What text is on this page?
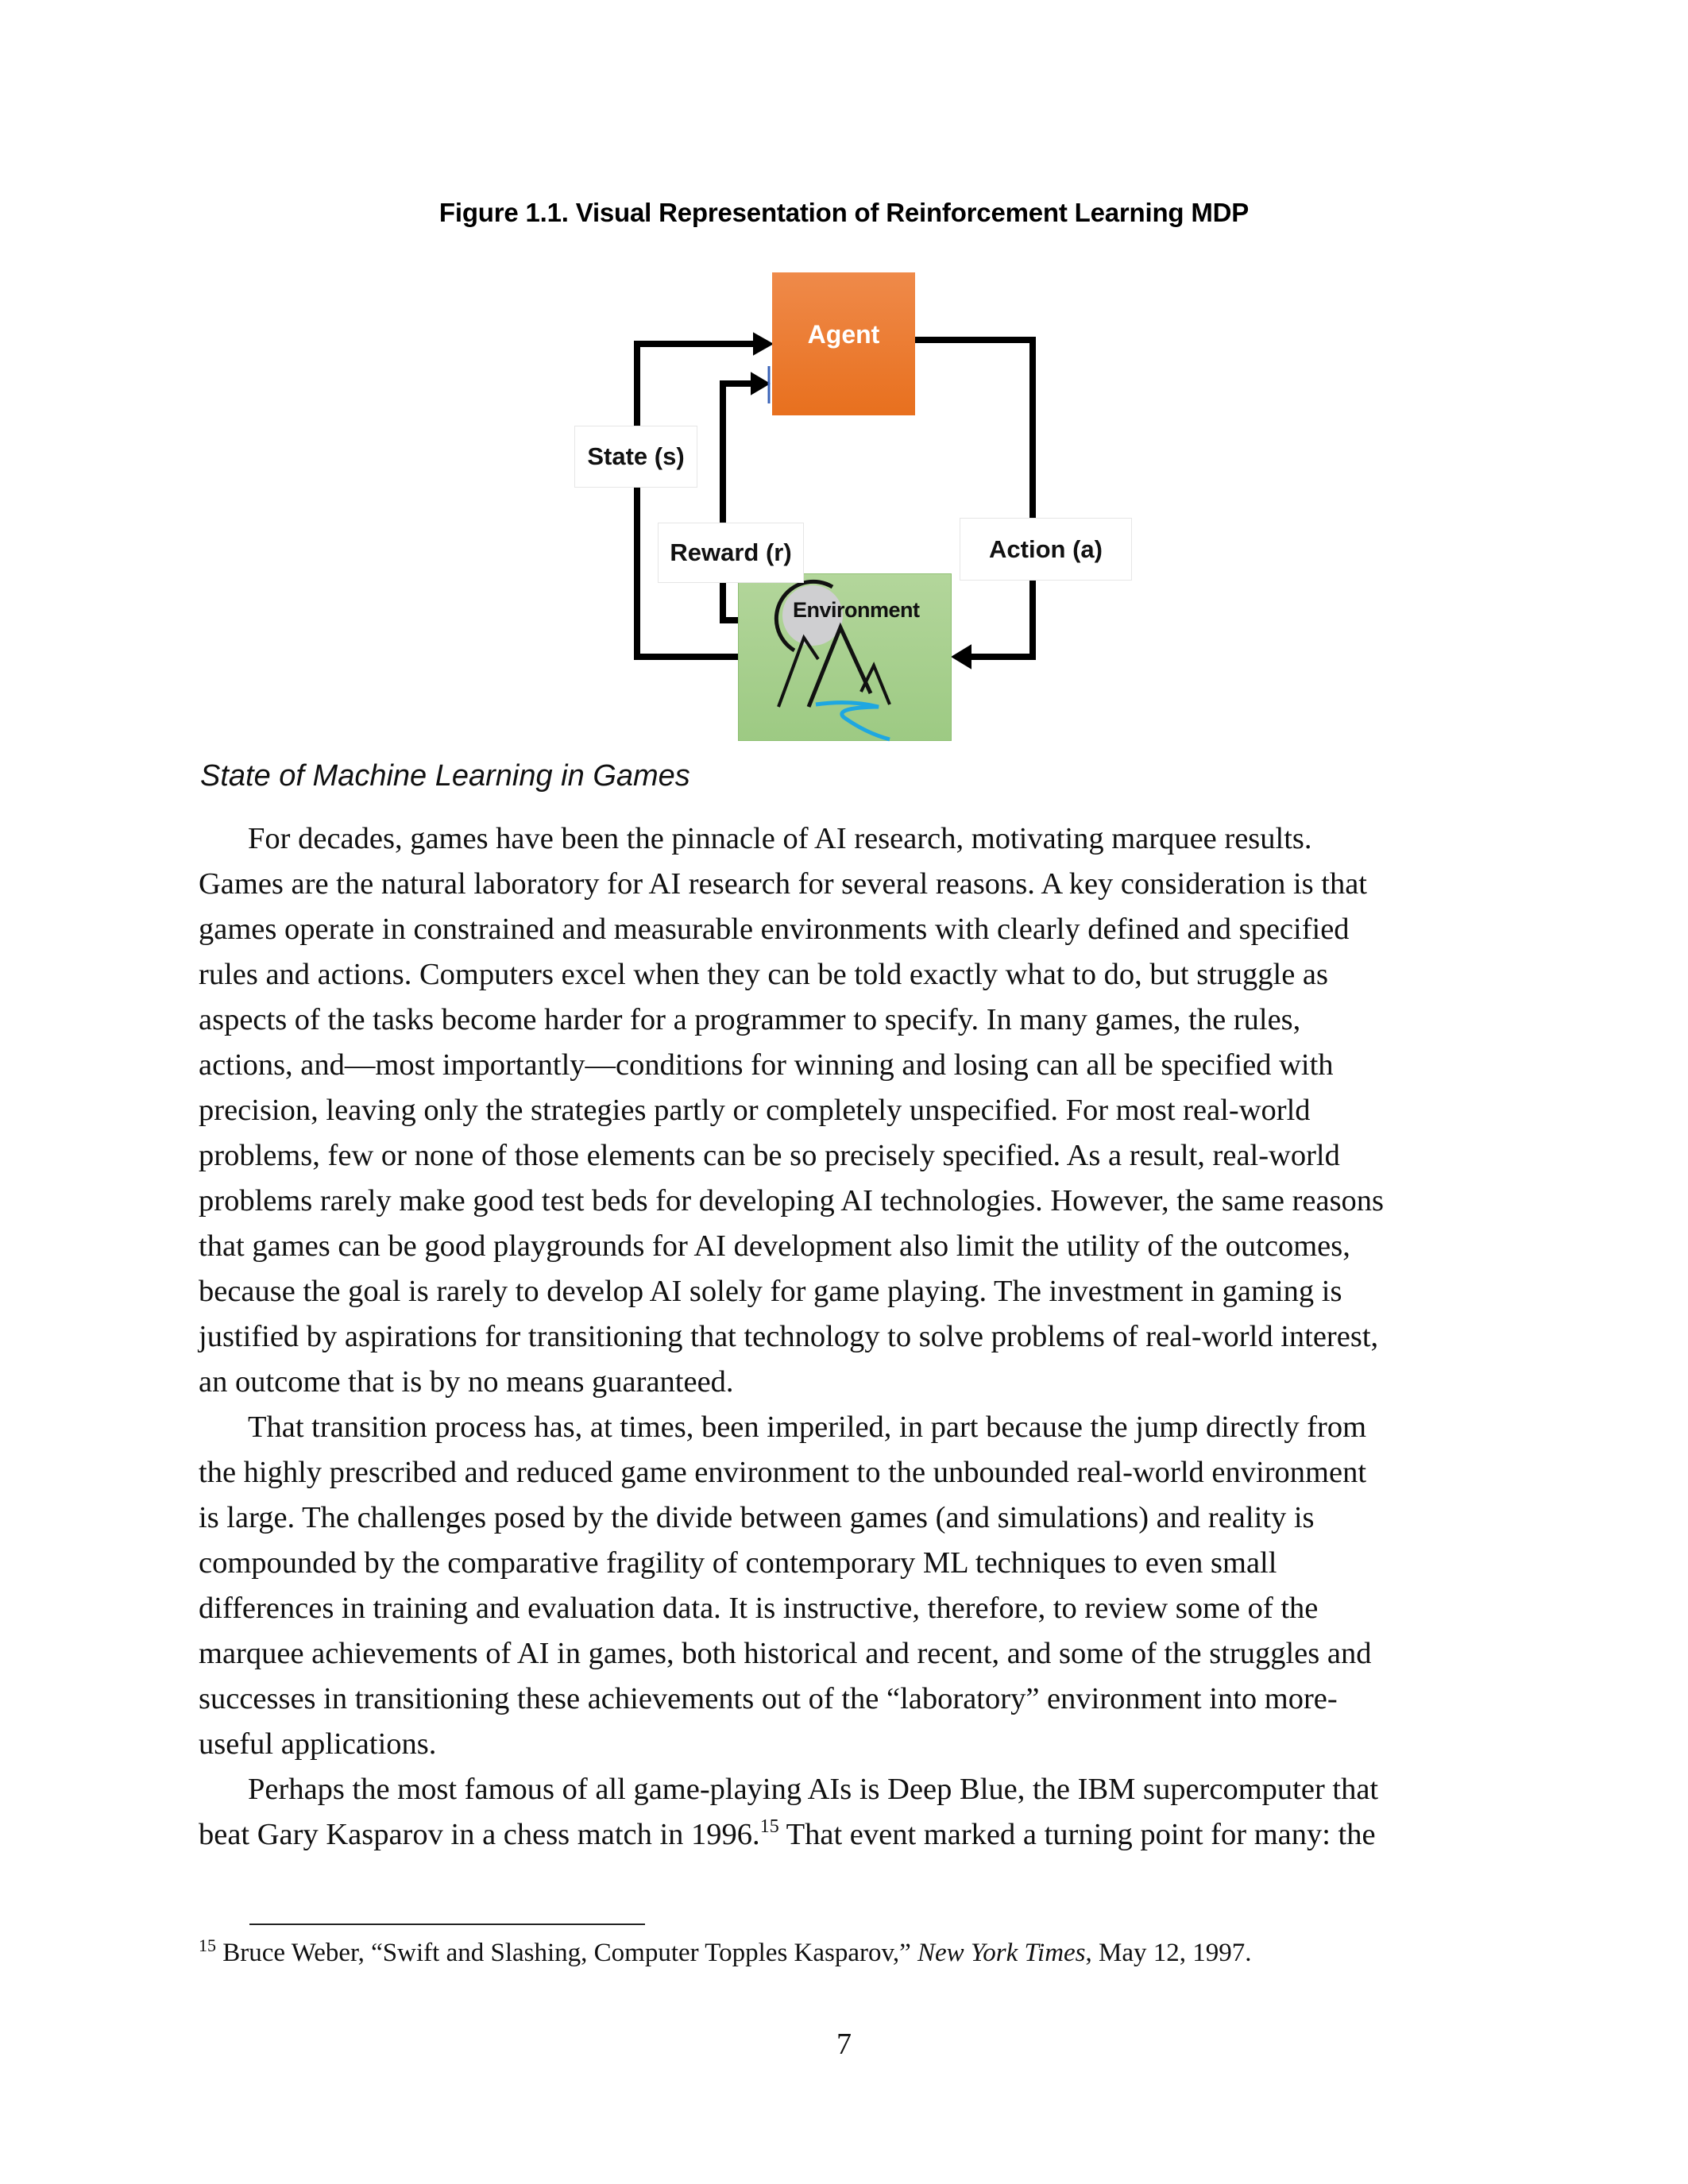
Figure 1.1. Visual Representation of Reinforcement Learning MDP
Agent
Environment
State (s)
Reward (r)	Action (a)
State of Machine Learning in Games
For decades, games have been the pinnacle of AI research, motivating marquee results.
Games are the natural laboratory for AI research for several reasons. A key consideration is that
games operate in constrained and measurable environments with clearly defined and specified
rules and actions. Computers excel when they can be told exactly what to do, but struggle as
aspects of the tasks become harder for a programmer to specify. In many games, the rules,
actions, and—most importantly—conditions for winning and losing can all be specified with
precision, leaving only the strategies partly or completely unspecified. For most real-world
problems, few or none of those elements can be so precisely specified. As a result, real-world
problems rarely make good test beds for developing AI technologies. However, the same reasons
that games can be good playgrounds for AI development also limit the utility of the outcomes,
because the goal is rarely to develop AI solely for game playing. The investment in gaming is
justified by aspirations for transitioning that technology to solve problems of real-world interest,
an outcome that is by no means guaranteed.
That transition process has, at times, been imperiled, in part because the jump directly from
the highly prescribed and reduced game environment to the unbounded real-world environment
is large. The challenges posed by the divide between games (and simulations) and reality is
compounded by the comparative fragility of contemporary ML techniques to even small
differences in training and evaluation data. It is instructive, therefore, to review some of the
marquee achievements of AI in games, both historical and recent, and some of the struggles and
successes in transitioning these achievements out of the “laboratory” environment into more-
useful applications.
Perhaps the most famous of all game-playing AIs is Deep Blue, the IBM supercomputer that
beat Gary Kasparov in a chess match in 1996.15 That event marked a turning point for many: the
$^{15}$ Bruce Weber, “Swift and Slashing, Computer Topples Kasparov,” New York Times, May 12, 1997.
7
